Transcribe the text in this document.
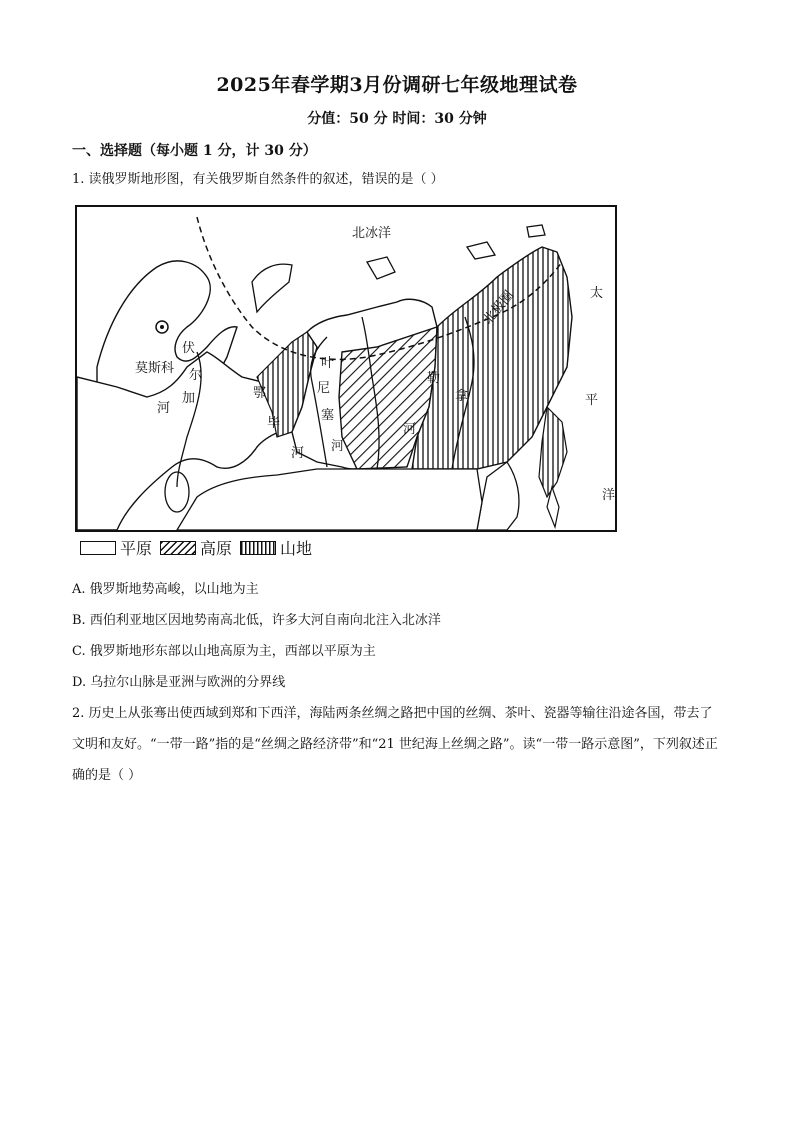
2025年春学期3月份调研七年级地理试卷
分值：50 分 时间：30 分钟
一、选择题（每小题 1 分，计 30 分）
1. 读俄罗斯地形图，有关俄罗斯自然条件的叙述，错误的是（ ）
北冰洋
莫斯科
伏
尔
加
河
鄂
毕
河
叶
尼
塞
河
勒
拿
河
北极圈	太
平
洋
平原	高原	山地
A. 俄罗斯地势高峻，以山地为主
B. 西伯利亚地区因地势南高北低，许多大河自南向北注入北冰洋
C. 俄罗斯地形东部以山地高原为主，西部以平原为主
D. 乌拉尔山脉是亚洲与欧洲的分界线
2. 历史上从张骞出使西域到郑和下西洋，海陆两条丝绸之路把中国的丝绸、茶叶、瓷器等输往沿途各国，带去了文明和友好。“一带一路”指的是“丝绸之路经济带”和“21 世纪海上丝绸之路”。读“一带一路示意图”，下列叙述正确的是（ ）
